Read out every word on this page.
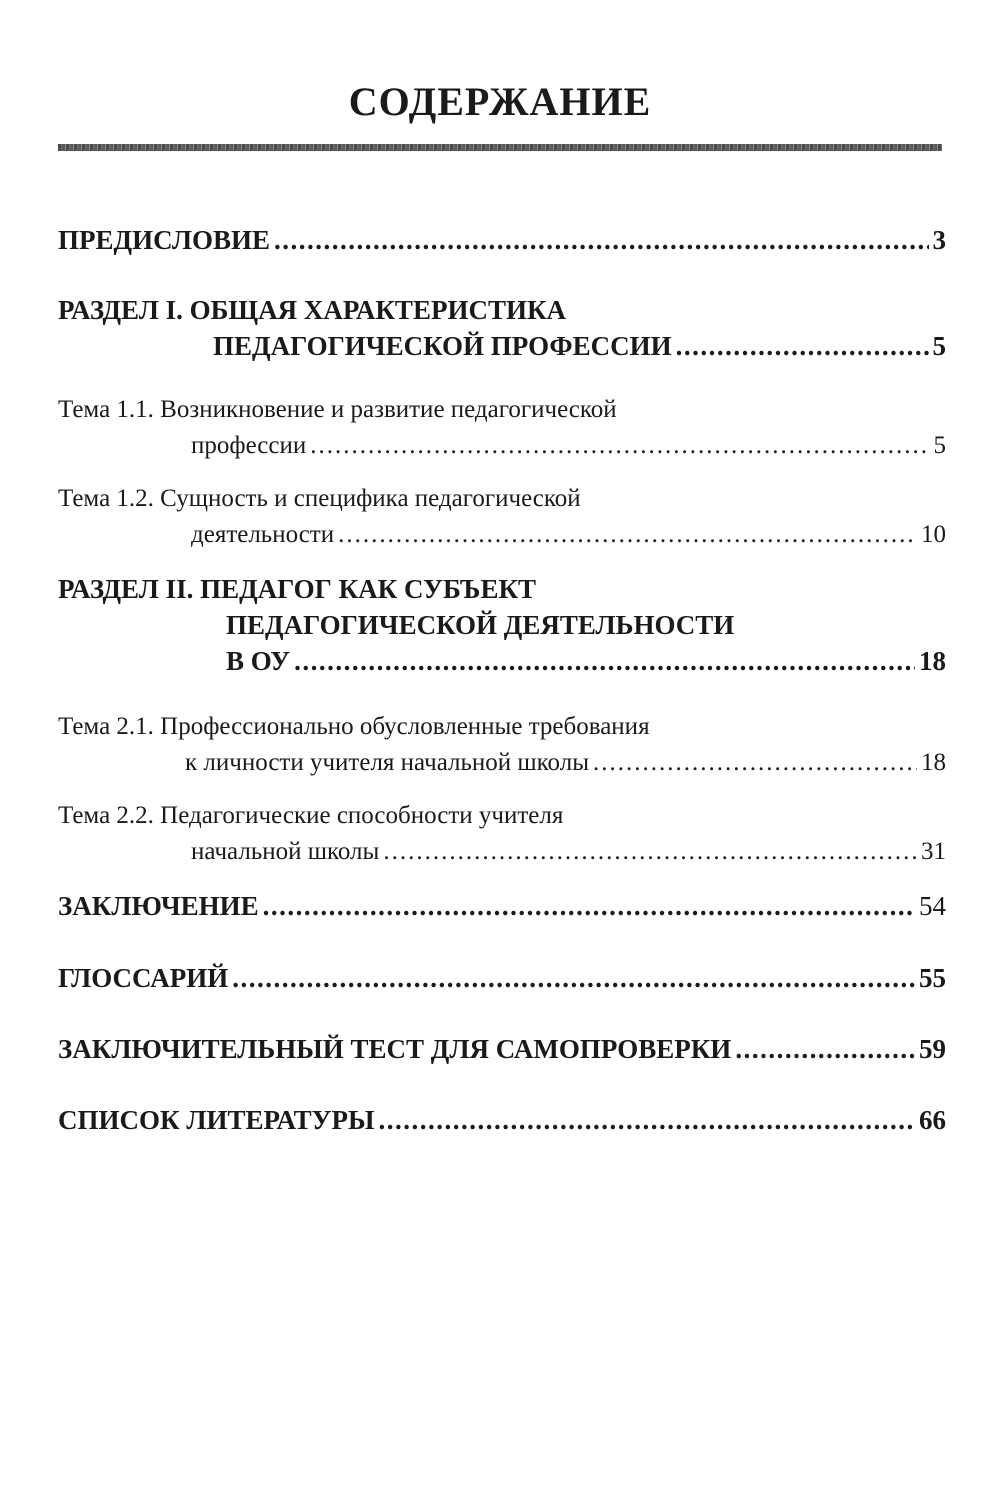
СОДЕРЖАНИЕ
ПРЕДИСЛОВИЕ .....	3
РАЗДЕЛ I. ОБЩАЯ ХАРАКТЕРИСТИКА
ПЕДАГОГИЧЕСКОЙ ПРОФЕССИИ .....	5
Тема 1.1. Возникновение и развитие педагогической
профессии .....	5
Тема 1.2. Сущность и специфика педагогической
деятельности .....	10
РАЗДЕЛ II. ПЕДАГОГ КАК СУБЪЕКТ
ПЕДАГОГИЧЕСКОЙ ДЕЯТЕЛЬНОСТИ
В ОУ .....	18
Тема 2.1. Профессионально обусловленные требования
к личности учителя начальной школы .....	18
Тема 2.2. Педагогические способности учителя
начальной школы .....	31
ЗАКЛЮЧЕНИЕ .....	54
ГЛОССАРИЙ .....	55
ЗАКЛЮЧИТЕЛЬНЫЙ ТЕСТ ДЛЯ САМОПРОВЕРКИ .....	59
СПИСОК ЛИТЕРАТУРЫ .....	66
